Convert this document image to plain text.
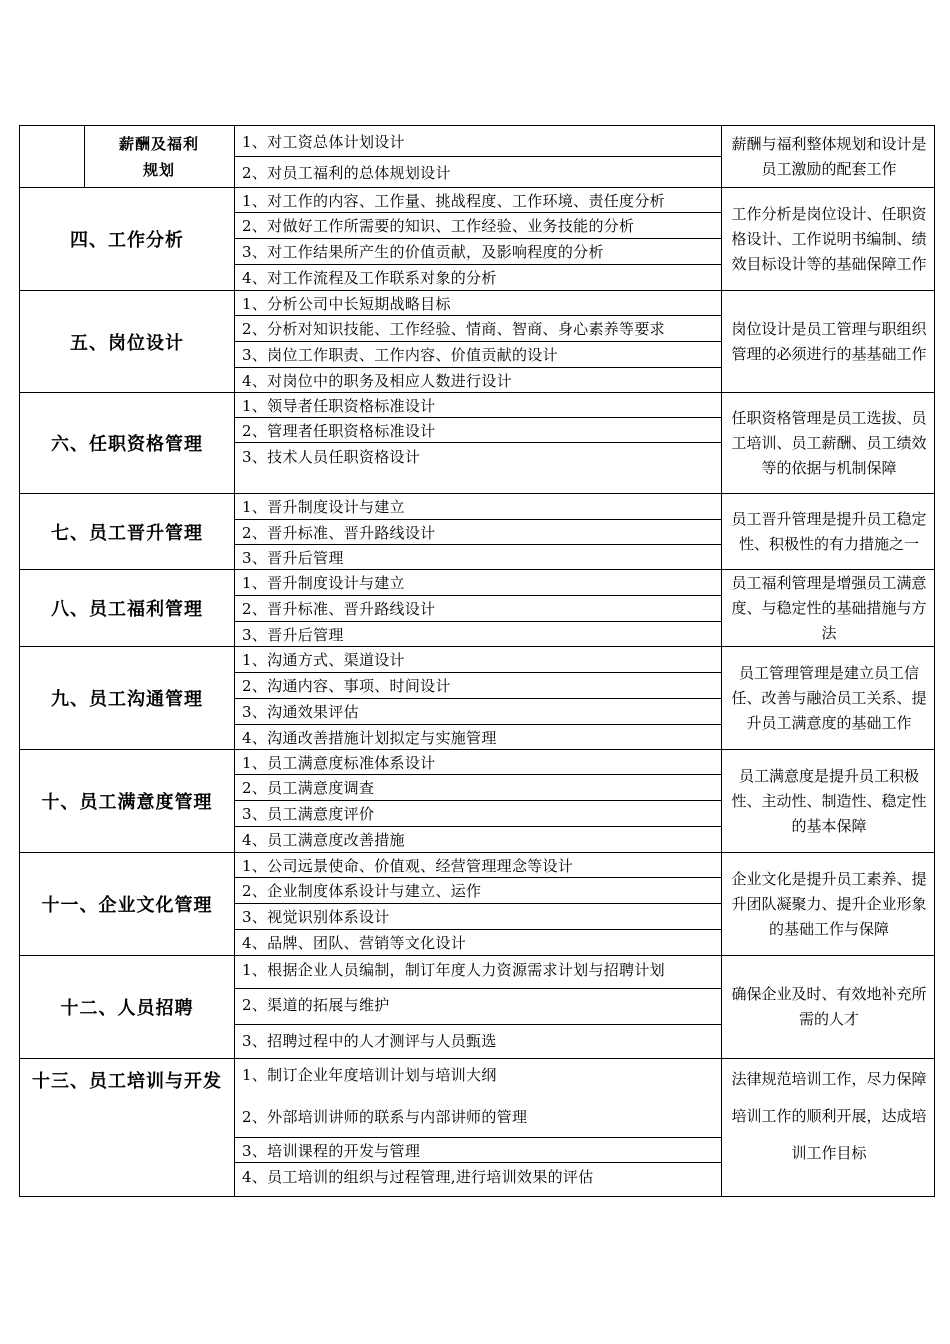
薪酬及福利规划
1、对工资总体计划设计
2、对员工福利的总体规划设计
薪酬与福利整体规划和设计是员工激励的配套工作
四、工作分析
1、对工作的内容、工作量、挑战程度、工作环境、责任度分析
2、对做好工作所需要的知识、工作经验、业务技能的分析
3、对工作结果所产生的价值贡献，及影响程度的分析
4、对工作流程及工作联系对象的分析
工作分析是岗位设计、任职资格设计、工作说明书编制、绩效目标设计等的基础保障工作
五、岗位设计
1、分析公司中长短期战略目标
2、分析对知识技能、工作经验、情商、智商、身心素养等要求
3、岗位工作职责、工作内容、价值贡献的设计
4、对岗位中的职务及相应人数进行设计
岗位设计是员工管理与职组织管理的必须进行的基基础工作
六、任职资格管理
1、领导者任职资格标准设计
2、管理者任职资格标准设计
3、技术人员任职资格设计
任职资格管理是员工选拔、员工培训、员工薪酬、员工绩效等的依据与机制保障
七、员工晋升管理
1、晋升制度设计与建立
2、晋升标准、晋升路线设计
3、晋升后管理
员工晋升管理是提升员工稳定性、积极性的有力措施之一
八、员工福利管理
1、晋升制度设计与建立
2、晋升标准、晋升路线设计
3、晋升后管理
员工福利管理是增强员工满意度、与稳定性的基础措施与方法
九、员工沟通管理
1、沟通方式、渠道设计
2、沟通内容、事项、时间设计
3、沟通效果评估
4、沟通改善措施计划拟定与实施管理
员工管理管理是建立员工信任、改善与融洽员工关系、提升员工满意度的基础工作
十、员工满意度管理
1、员工满意度标准体系设计
2、员工满意度调查
3、员工满意度评价
4、员工满意度改善措施
员工满意度是提升员工积极性、主动性、制造性、稳定性的基本保障
十一、企业文化管理
1、公司远景使命、价值观、经营管理理念等设计
2、企业制度体系设计与建立、运作
3、视觉识别体系设计
4、品牌、团队、营销等文化设计
企业文化是提升员工素养、提升团队凝聚力、提升企业形象的基础工作与保障
十二、人员招聘
1、根据企业人员编制，制订年度人力资源需求计划与招聘计划
2、渠道的拓展与维护
3、招聘过程中的人才测评与人员甄选
确保企业及时、有效地补充所需的人才
十三、员工培训与开发	1、制订企业年度培训计划与培训大纲
2、外部培训讲师的联系与内部讲师的管理
3、培训课程的开发与管理
4、员工培训的组织与过程管理,进行培训效果的评估
法律规范培训工作，尽力保障培训工作的顺利开展，达成培训工作目标
